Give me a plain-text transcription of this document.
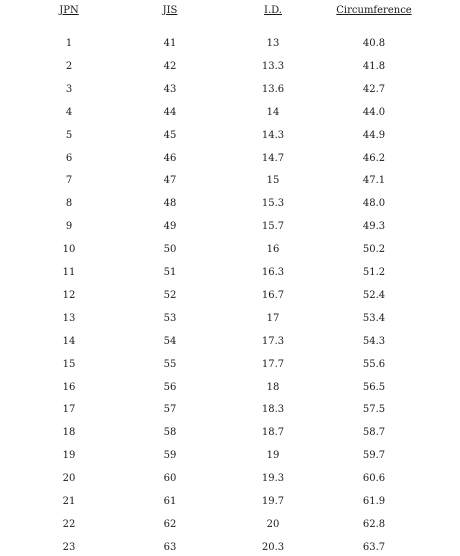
JPN	JIS	I.D.	Circumference
1	41	13	40.8
2	42	13.3	41.8
3	43	13.6	42.7
4	44	14	44.0
5	45	14.3	44.9
6	46	14.7	46.2
7	47	15	47.1
8	48	15.3	48.0
9	49	15.7	49.3
10	50	16	50.2
11	51	16.3	51.2
12	52	16.7	52.4
13	53	17	53.4
14	54	17.3	54.3
15	55	17.7	55.6
16	56	18	56.5
17	57	18.3	57.5
18	58	18.7	58.7
19	59	19	59.7
20	60	19.3	60.6
21	61	19.7	61.9
22	62	20	62.8
23	63	20.3	63.7
